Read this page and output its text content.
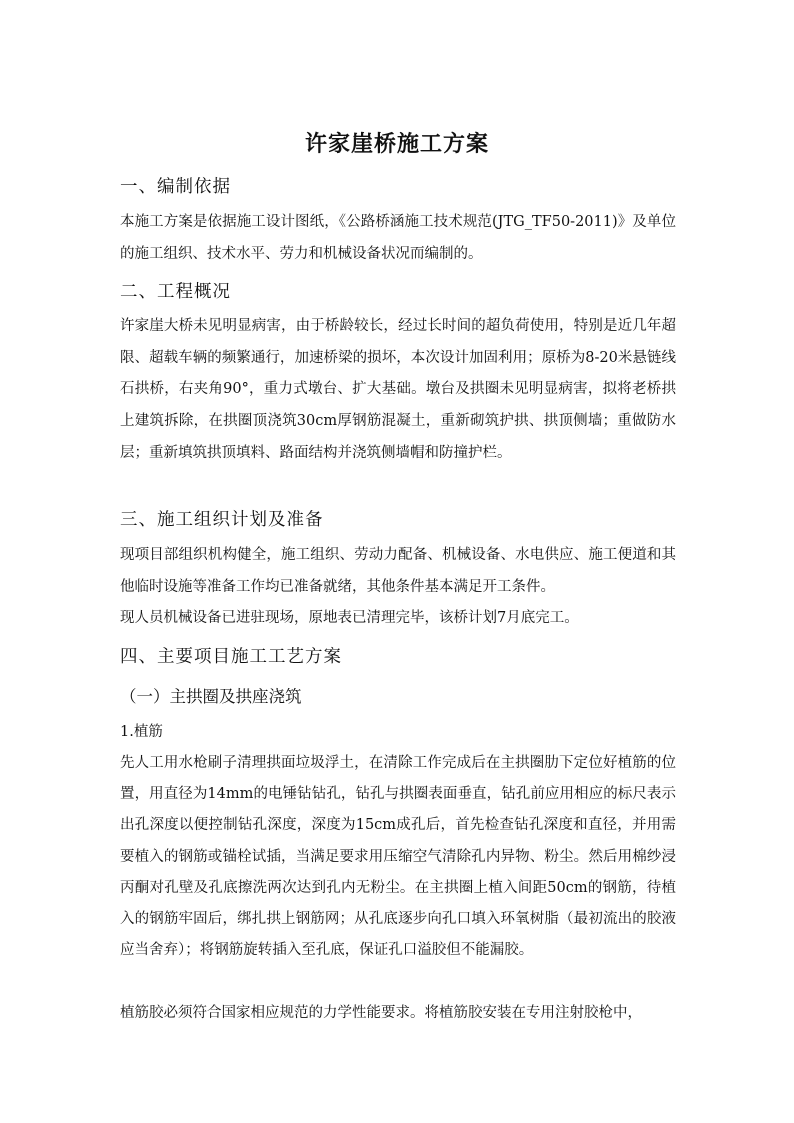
许家崖桥施工方案
一、编制依据
本施工方案是依据施工设计图纸，《公路桥涵施工技术规范(JTG_TF50-2011)》及单位的施工组织、技术水平、劳力和机械设备状况而编制的。
二、工程概况
许家崖大桥未见明显病害，由于桥龄较长，经过长时间的超负荷使用，特别是近几年超限、超载车辆的频繁通行，加速桥梁的损坏，本次设计加固利用；原桥为8-20米悬链线石拱桥，右夹角90°，重力式墩台、扩大基础。墩台及拱圈未见明显病害，拟将老桥拱上建筑拆除，在拱圈顶浇筑30cm厚钢筋混凝土，重新砌筑护拱、拱顶侧墙；重做防水层；重新填筑拱顶填料、路面结构并浇筑侧墙帽和防撞护栏。
三、施工组织计划及准备
现项目部组织机构健全，施工组织、劳动力配备、机械设备、水电供应、施工便道和其他临时设施等准备工作均已准备就绪，其他条件基本满足开工条件。
现人员机械设备已进驻现场，原地表已清理完毕，该桥计划7月底完工。
四、主要项目施工工艺方案
（一）主拱圈及拱座浇筑
1.植筋
先人工用水枪刷子清理拱面垃圾浮土，在清除工作完成后在主拱圈肋下定位好植筋的位置，用直径为14mm的电锤钻钻孔，钻孔与拱圈表面垂直，钻孔前应用相应的标尺表示出孔深度以便控制钻孔深度，深度为15cm成孔后，首先检查钻孔深度和直径，并用需要植入的钢筋或锚栓试插，当满足要求用压缩空气清除孔内异物、粉尘。然后用棉纱浸丙酮对孔壁及孔底擦洗两次达到孔内无粉尘。在主拱圈上植入间距50cm的钢筋，待植入的钢筋牢固后，绑扎拱上钢筋网；从孔底逐步向孔口填入环氧树脂（最初流出的胶液应当舍弃）；将钢筋旋转插入至孔底，保证孔口溢胶但不能漏胶。
植筋胶必须符合国家相应规范的力学性能要求。将植筋胶安装在专用注射胶枪中，
